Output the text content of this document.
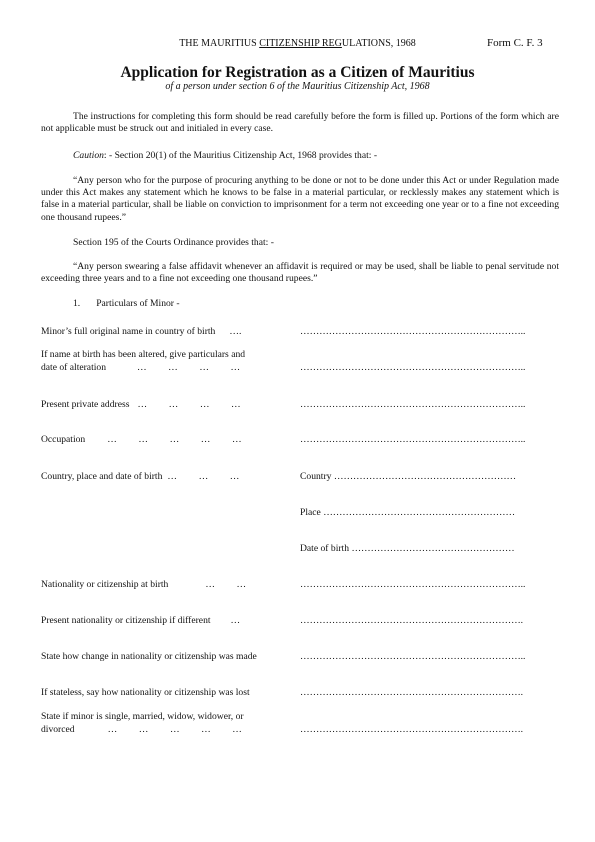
THE MAURITIUS CITIZENSHIP REGULATIONS, 1968	Form C. F. 3
Application for Registration as a Citizen of Mauritius
of a person under section 6 of the Mauritius Citizenship Act, 1968
The instructions for completing this form should be read carefully before the form is filled up. Portions of the form which are not applicable must be struck out and initialed in every case.
Caution: - Section 20(1) of the Mauritius Citizenship Act, 1968 provides that: -
“Any person who for the purpose of procuring anything to be done or not to be done under this Act or under Regulation made under this Act makes any statement which he knows to be false in a material particular, or recklessly makes any statement which is false in a material particular, shall be liable on conviction to imprisonment for a term not exceeding one year or to a fine not exceeding one thousand rupees.”
Section 195 of the Courts Ordinance provides that: -
“Any person swearing a false affidavit whenever an affidavit is required or may be used, shall be liable to penal servitude not exceeding three years and to a fine not exceeding one thousand rupees.”
1. Particulars of Minor -
Minor’s full original name in country of birth ….	……………………………………………………………..
If name at birth has been altered, give particulars and
date of alteration	…         …         …         …	……………………………………………………………..
Present private address …         …         …         …	……………………………………………………………..
Occupation …         …         …         …         …	……………………………………………………………..
Country, place and date of birth …         …         …	Country …………………………………………………
Place ……………………………………………………
Date of birth ……………………………………………
Nationality or citizenship at birth	…         …	……………………………………………………………..
Present nationality or citizenship if different …	…………………………………………………………….
State how change in nationality or citizenship was made	……………………………………………………………..
If stateless, say how nationality or citizenship was lost	…………………………………………………………….
State if minor is single, married, widow, widower, or
divorced	…         …         …         …         …	…………………………………………………………….
